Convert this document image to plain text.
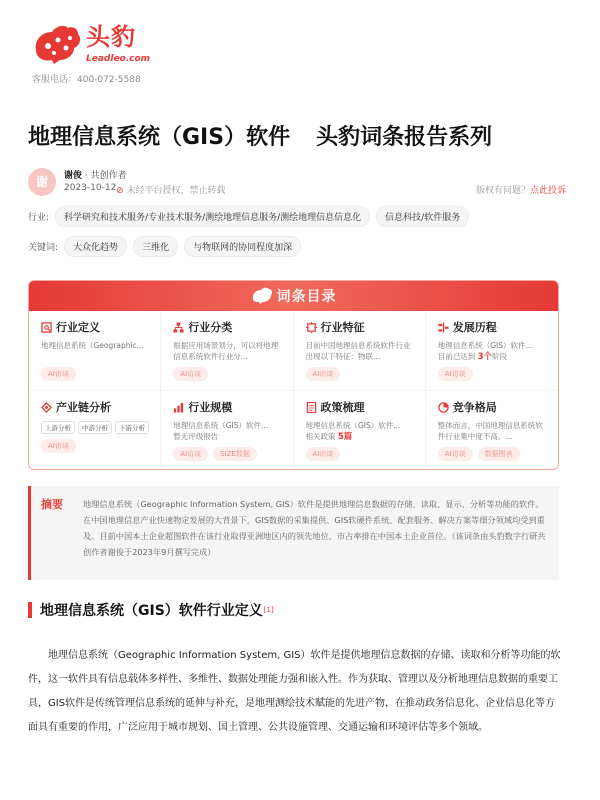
头豹
Leadleo.com
客服电话：400-072-5588
地理信息系统（GIS）软件 头豹词条报告系列
谢	谢俊 · 共创作者
2023-10-12 ⊘ 未经平台授权，禁止转载	版权有问题？点此投诉
行业:	科学研究和技术服务/专业技术服务/测绘地理信息服务/测绘地理信息信息化	信息科技/软件服务
关键词:	大众化趋势	三维化	与物联网的协同程度加深
词条目录
行业定义
地理信息系统（Geographic...
AI访谈
行业分类
根据应用场景划分，可以将地理信息系统软件行业分...
AI访谈
行业特征
目前中国地理信息系统软件行业出现以下特征：物联...
AI访谈
发展历程
地理信息系统（GIS）软件...
目前已达到 3个阶段
AI访谈
产业链分析
上游分析	中游分析	下游分析
AI访谈
行业规模
地理信息系统（GIS）软件...
暂无评级报告
AI访谈	SIZE数据
政策梳理
地理信息系统（GIS）软件...
相关政策 5篇
AI访谈
竞争格局
整体而言，中国地理信息系统软件行业集中度不高。...
AI访谈	数据图表
摘要 地理信息系统（Geographic Information System, GIS）软件是提供地理信息数据的存储、读取、显示、分析等功能的软件。在中国地理信息产业快速物定发展的大背景下，GIS数据的采集提供、GIS软硬件系统、配套服务、解决方案等细分领域均受到重及。目前中国本土企业超图软件在该行业取得亚洲地区内的领先地位，市占率排在中国本土企业首位。（该词条由头豹数字行研共创作者谢俊于2023年9月撰写完成）
地理信息系统（GIS）软件行业定义 [1]
地理信息系统（Geographic Information System, GIS）软件是提供地理信息数据的存储、读取和分析等功能的软件，这一软件具有信息载体多样性、多维性、数据处理能力强和嵌入性。作为获取、管理以及分析地理信息数据的重要工具，GIS软件是传统管理信息系统的延伸与补充，是地理测绘技术赋能的先进产物，在推动政务信息化、企业信息化等方面具有重要的作用，广泛应用于城市规划、国土管理、公共设施管理、交通运输和环境评估等多个领域。
